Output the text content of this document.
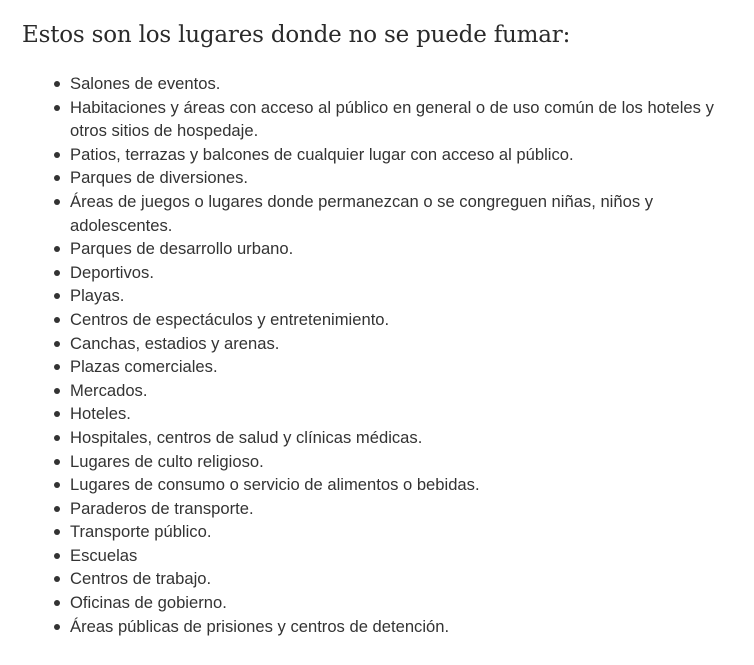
Estos son los lugares donde no se puede fumar:
Salones de eventos.
Habitaciones y áreas con acceso al público en general o de uso común de los hoteles y otros sitios de hospedaje.
Patios, terrazas y balcones de cualquier lugar con acceso al público.
Parques de diversiones.
Áreas de juegos o lugares donde permanezcan o se congreguen niñas, niños y adolescentes.
Parques de desarrollo urbano.
Deportivos.
Playas.
Centros de espectáculos y entretenimiento.
Canchas, estadios y arenas.
Plazas comerciales.
Mercados.
Hoteles.
Hospitales, centros de salud y clínicas médicas.
Lugares de culto religioso.
Lugares de consumo o servicio de alimentos o bebidas.
Paraderos de transporte.
Transporte público.
Escuelas
Centros de trabajo.
Oficinas de gobierno.
Áreas públicas de prisiones y centros de detención.
